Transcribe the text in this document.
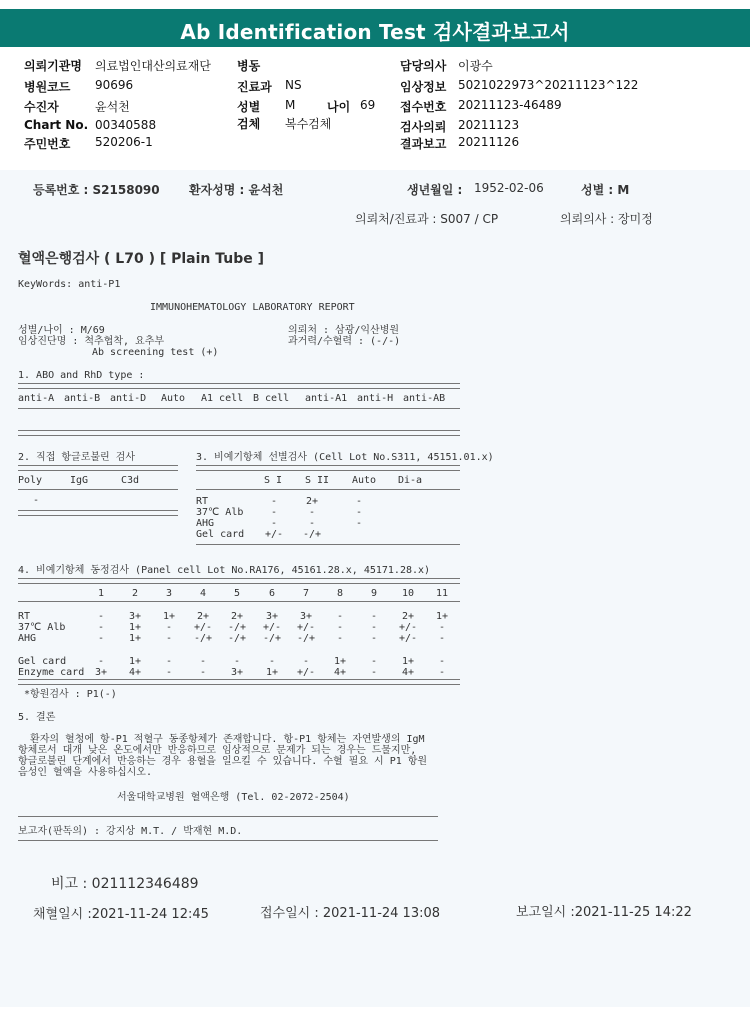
Ab Identification Test 검사결과보고서
의뢰기관명 의료법인대산의료재단 병동	담당의사 이광수
병원코드 90696	진료과 NS	임상정보 5021022973^20211123^122
수진자	윤석천	성별 M	나이 69 접수번호 20211123-46489
Chart No. 00340588	검체 복수검체	검사의뢰 20211123
주민번호 520206-1	결과보고 20211126
등록번호 : S2158090 환자성명 : 윤석천	생년월일 : 1952-02-06	성별 : M
의뢰처/진료과 : S007 / CP	의뢰의사 : 장미정
혈액은행검사 ( L70 ) [ Plain Tube ]
KeyWords: anti-P1
IMMUNOHEMATOLOGY LABORATORY REPORT
성별/나이 : M/69
임상진단명 : 척추협착, 요추부
Ab screening test (+)
의뢰처 : 삼광/익산병원
과거력/수혈력 : (-/-)
1. ABO and RhD type :
anti-A anti-B anti-D Auto A1 cell B cell anti-A1 anti-H anti-AB
2. 직접 항글로불린 검사
Poly	IgG	C3d
-
3. 비예기항체 선별검사 (Cell Lot No.S311, 45151.01.x)
S I S II Auto Di-a
RT	-	2+	-
37℃ Alb	-	-	-
AHG	-	-	-
Gel card	+/-	-/+
4. 비예기항체 동정검사 (Panel cell Lot No.RA176, 45161.28.x, 45171.28.x)
1	2	3	4	5	6	7	8	9	10	11
RT	-	3+	1+	2+	2+	3+	3+	-	-	2+	1+
37℃ Alb	-	1+	-	+/-	-/+	+/-	+/-	-	-	+/-	-
AHG	-	1+	-	-/+	-/+	-/+	-/+	-	-	+/-	-
Gel card	-	1+	-	-	-	-	-	1+	-	1+	-
Enzyme card	3+	4+	-	-	3+	1+	+/-	4+	-	4+	-
*항원검사 : P1(-)
5. 결론
환자의 혈청에 항-P1 적혈구 동종항체가 존재합니다. 항-P1 항체는 자연발생의 IgM
항체로서 대개 낮은 온도에서만 반응하므로 임상적으로 문제가 되는 경우는 드물지만,
항글로불린 단계에서 반응하는 경우 용혈을 일으킬 수 있습니다. 수혈 필요 시 P1 항원
음성인 혈액을 사용하십시오.
서울대학교병원 혈액은행 (Tel. 02-2072-2504)
보고자(판독의) : 강지상 M.T. / 박재현 M.D.
비고 : 021112346489
채혈일시 :2021-11-24 12:45	접수일시 : 2021-11-24 13:08	보고일시 :2021-11-25 14:22
